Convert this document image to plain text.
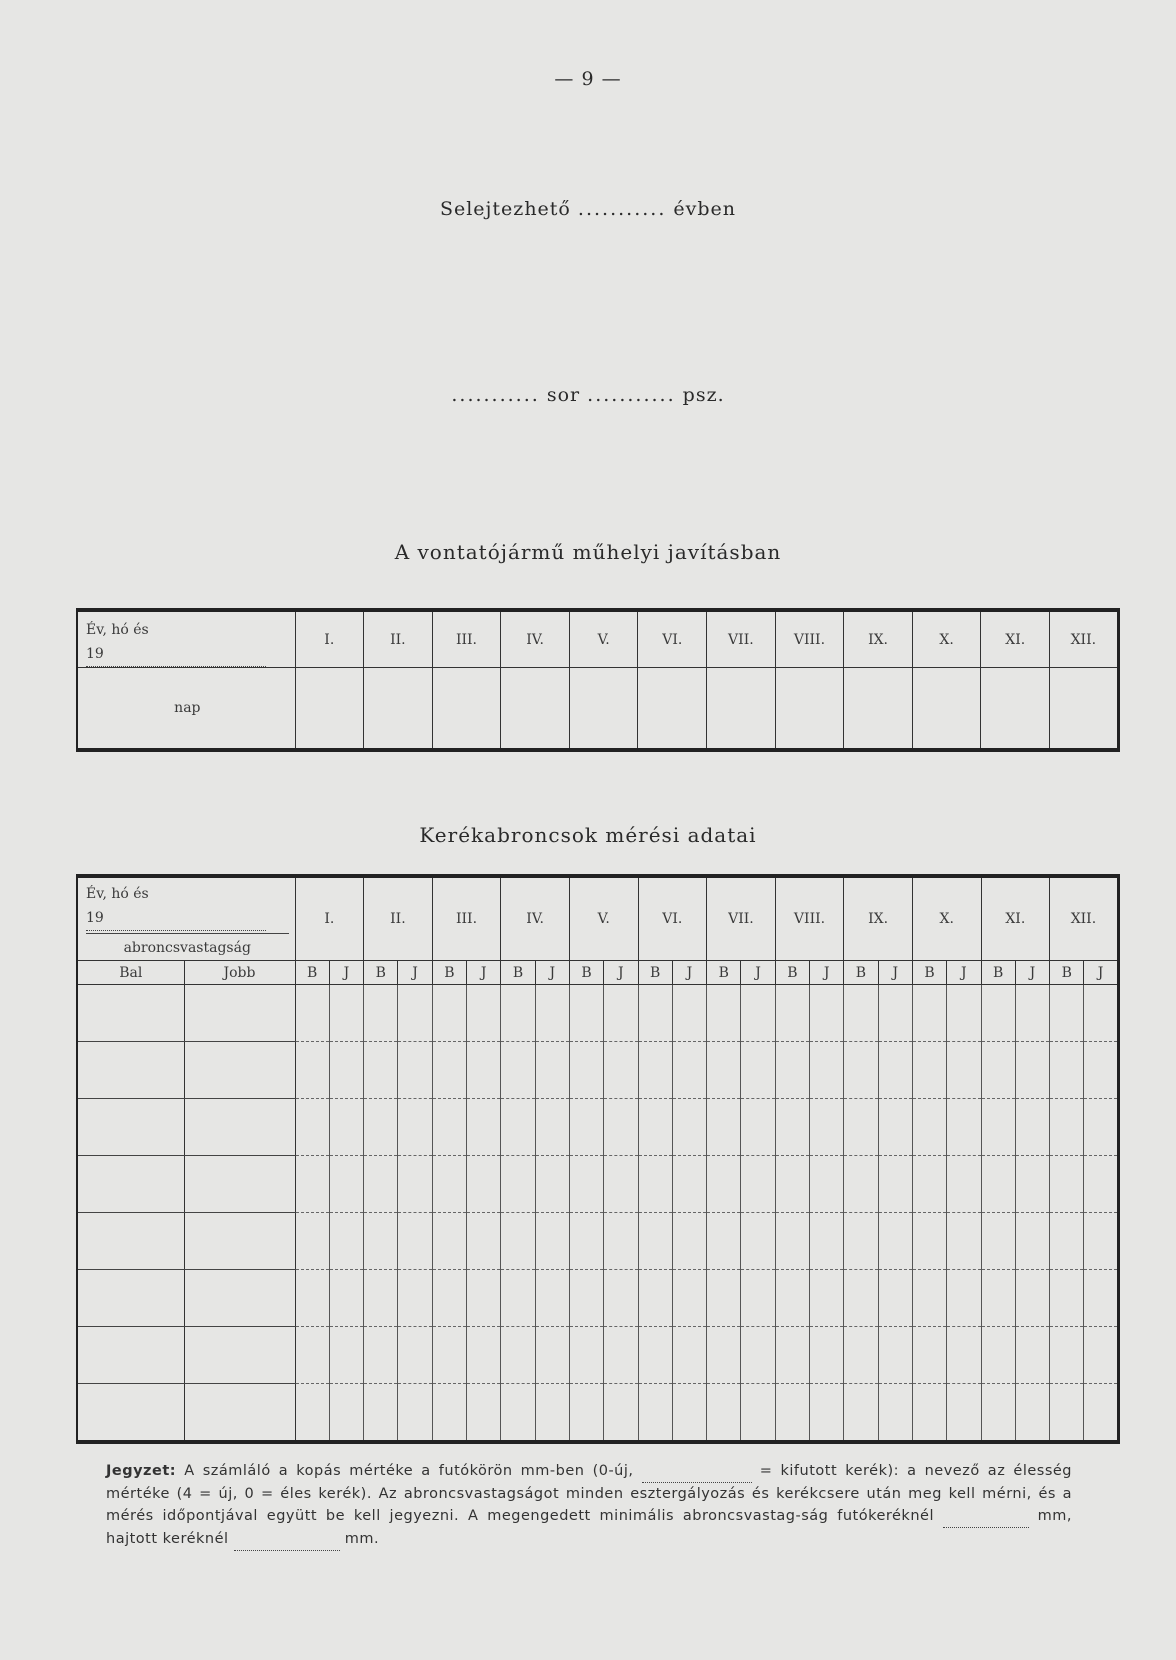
— 9 —
Selejtezhető ........... évben
........... sor ........... psz.
A vontatójármű műhelyi javításban
Év, hó és
19	I.	II.	III.	IV.	V.	VI.	VII.	VIII.	IX.	X.	XI.	XII.
nap												
Kerékabroncsok mérési adatai
Év, hó és
19
abroncsvastagság		I.		II.		III.		IV.		V.		VI.		VII.		VIII.		IX.		X.		XI.		XII.	

Bal	Jobb	B	J	B	J	B	J	B	J	B	J	B	J	B	J	B	J	B	J	B	J	B	J	B	J

Jegyzet: A számláló a kopás mértéke a futókörön mm-ben (0-új,	= kifutott kerék): a nevező az élesség mértéke (4 = új, 0 = éles kerék). Az abroncsvastagságot minden esztergályozás és kerékcsere után meg kell mérni, és a mérés időpontjával együtt be kell jegyezni. A megengedett minimális abroncsvastag-ság futókeréknél	mm, hajtott keréknél	mm.
